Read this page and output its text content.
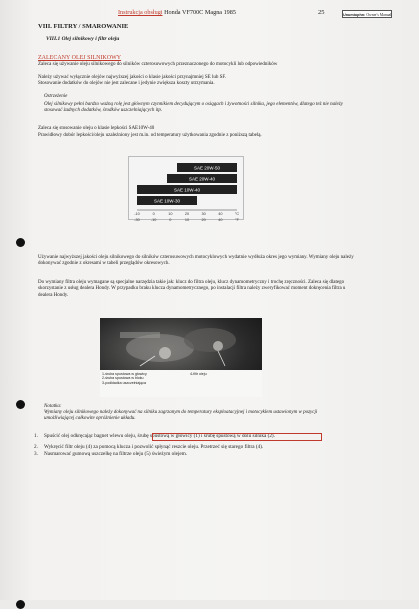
Instrukcja obsługi Honda VF700C Magna 1985	25	Unumiophn: Owner's Manual
VIII. FILTRY / SMAROWANIE
VIII.1 Olej silnikowy i filtr oleju
ZALECANY OLEJ SILNIKOWY
Zaleca się używanie oleju silnikowego do silników czterosuwowych przeznaczonego do motocykli lub odpowiedników
Należy używać wyłącznie olejów najwyższej jakości o klasie jakości przynajmniej SE lub SF.
Stosowanie dodatków do olejów nie jest zalecane i jedynie zwiększa koszty utrzymania.
Ostrzeżenie
Olej silnikowy pełni bardzo ważną rolę jest głównym czynnikiem decydującym o osiągach i żywotności silnika, jego elementów, dlatego też nie należy stosować żadnych dodatków, środków uszczelniających itp.
Zaleca się stosowanie oleju o klasie lepkości SAE10W-40
Prawidłowy dobór lepkości/oleju uzależniony jest m.in. od temperatury użytkowania zgodnie z poniższą tabelą.
SAE 20W-50
SAE 20W-40
SAE 10W-40
SAE 10W-30
-10	0	10	20	30	40	°C
-30	-10	0	10	20	40	°F
Używanie najwyższej jakości oleju silnikowego do silników czterosuwowych motocyklowych wydatnie wydłuża okres jego wymiany. Wymiany oleju należy dokonywać zgodnie z okresami w tabeli przeglądów okresowych.
Do wymiany filtra oleju wymagane są specjalne narzędzia takie jak: klucz do filtra oleju, klucz dynamometryczny i trochę zręczności. Zaleca się dlatego skorzystanie z usług dealera Hondy. W przypadku braku klucza dynamometrycznego, po instalacji filtra należy zweryfikować moment dokręcenia filtra u dealera Hondy.
1-śruba spustowa w głowicy
2-śruba spustowa w bloku
3-podkładka uszczelniająca
4-filtr oleju
Notatka:
Wymiany oleju silnikowego należy dokonywać na silniku zagrzanym do temperatury eksploatacyjnej i motocyklem ustawionym w pozycji umożliwiającej całkowite opróżnienie układu.
1. Spuścić olej odkręcając bagnet wlewu oleju, śrubę spustową w głowicy (1) i śrubę spustową w dolu silnika (2).
2. Wykręcić filtr oleju (4) za pomocą klucza i pozwolić spłynąć reszcie oleju. Przetrzeć się starego filtra (4).
3. Nasmarować gumową uszczelkę na filtrze oleju (5) świeżym olejem.
